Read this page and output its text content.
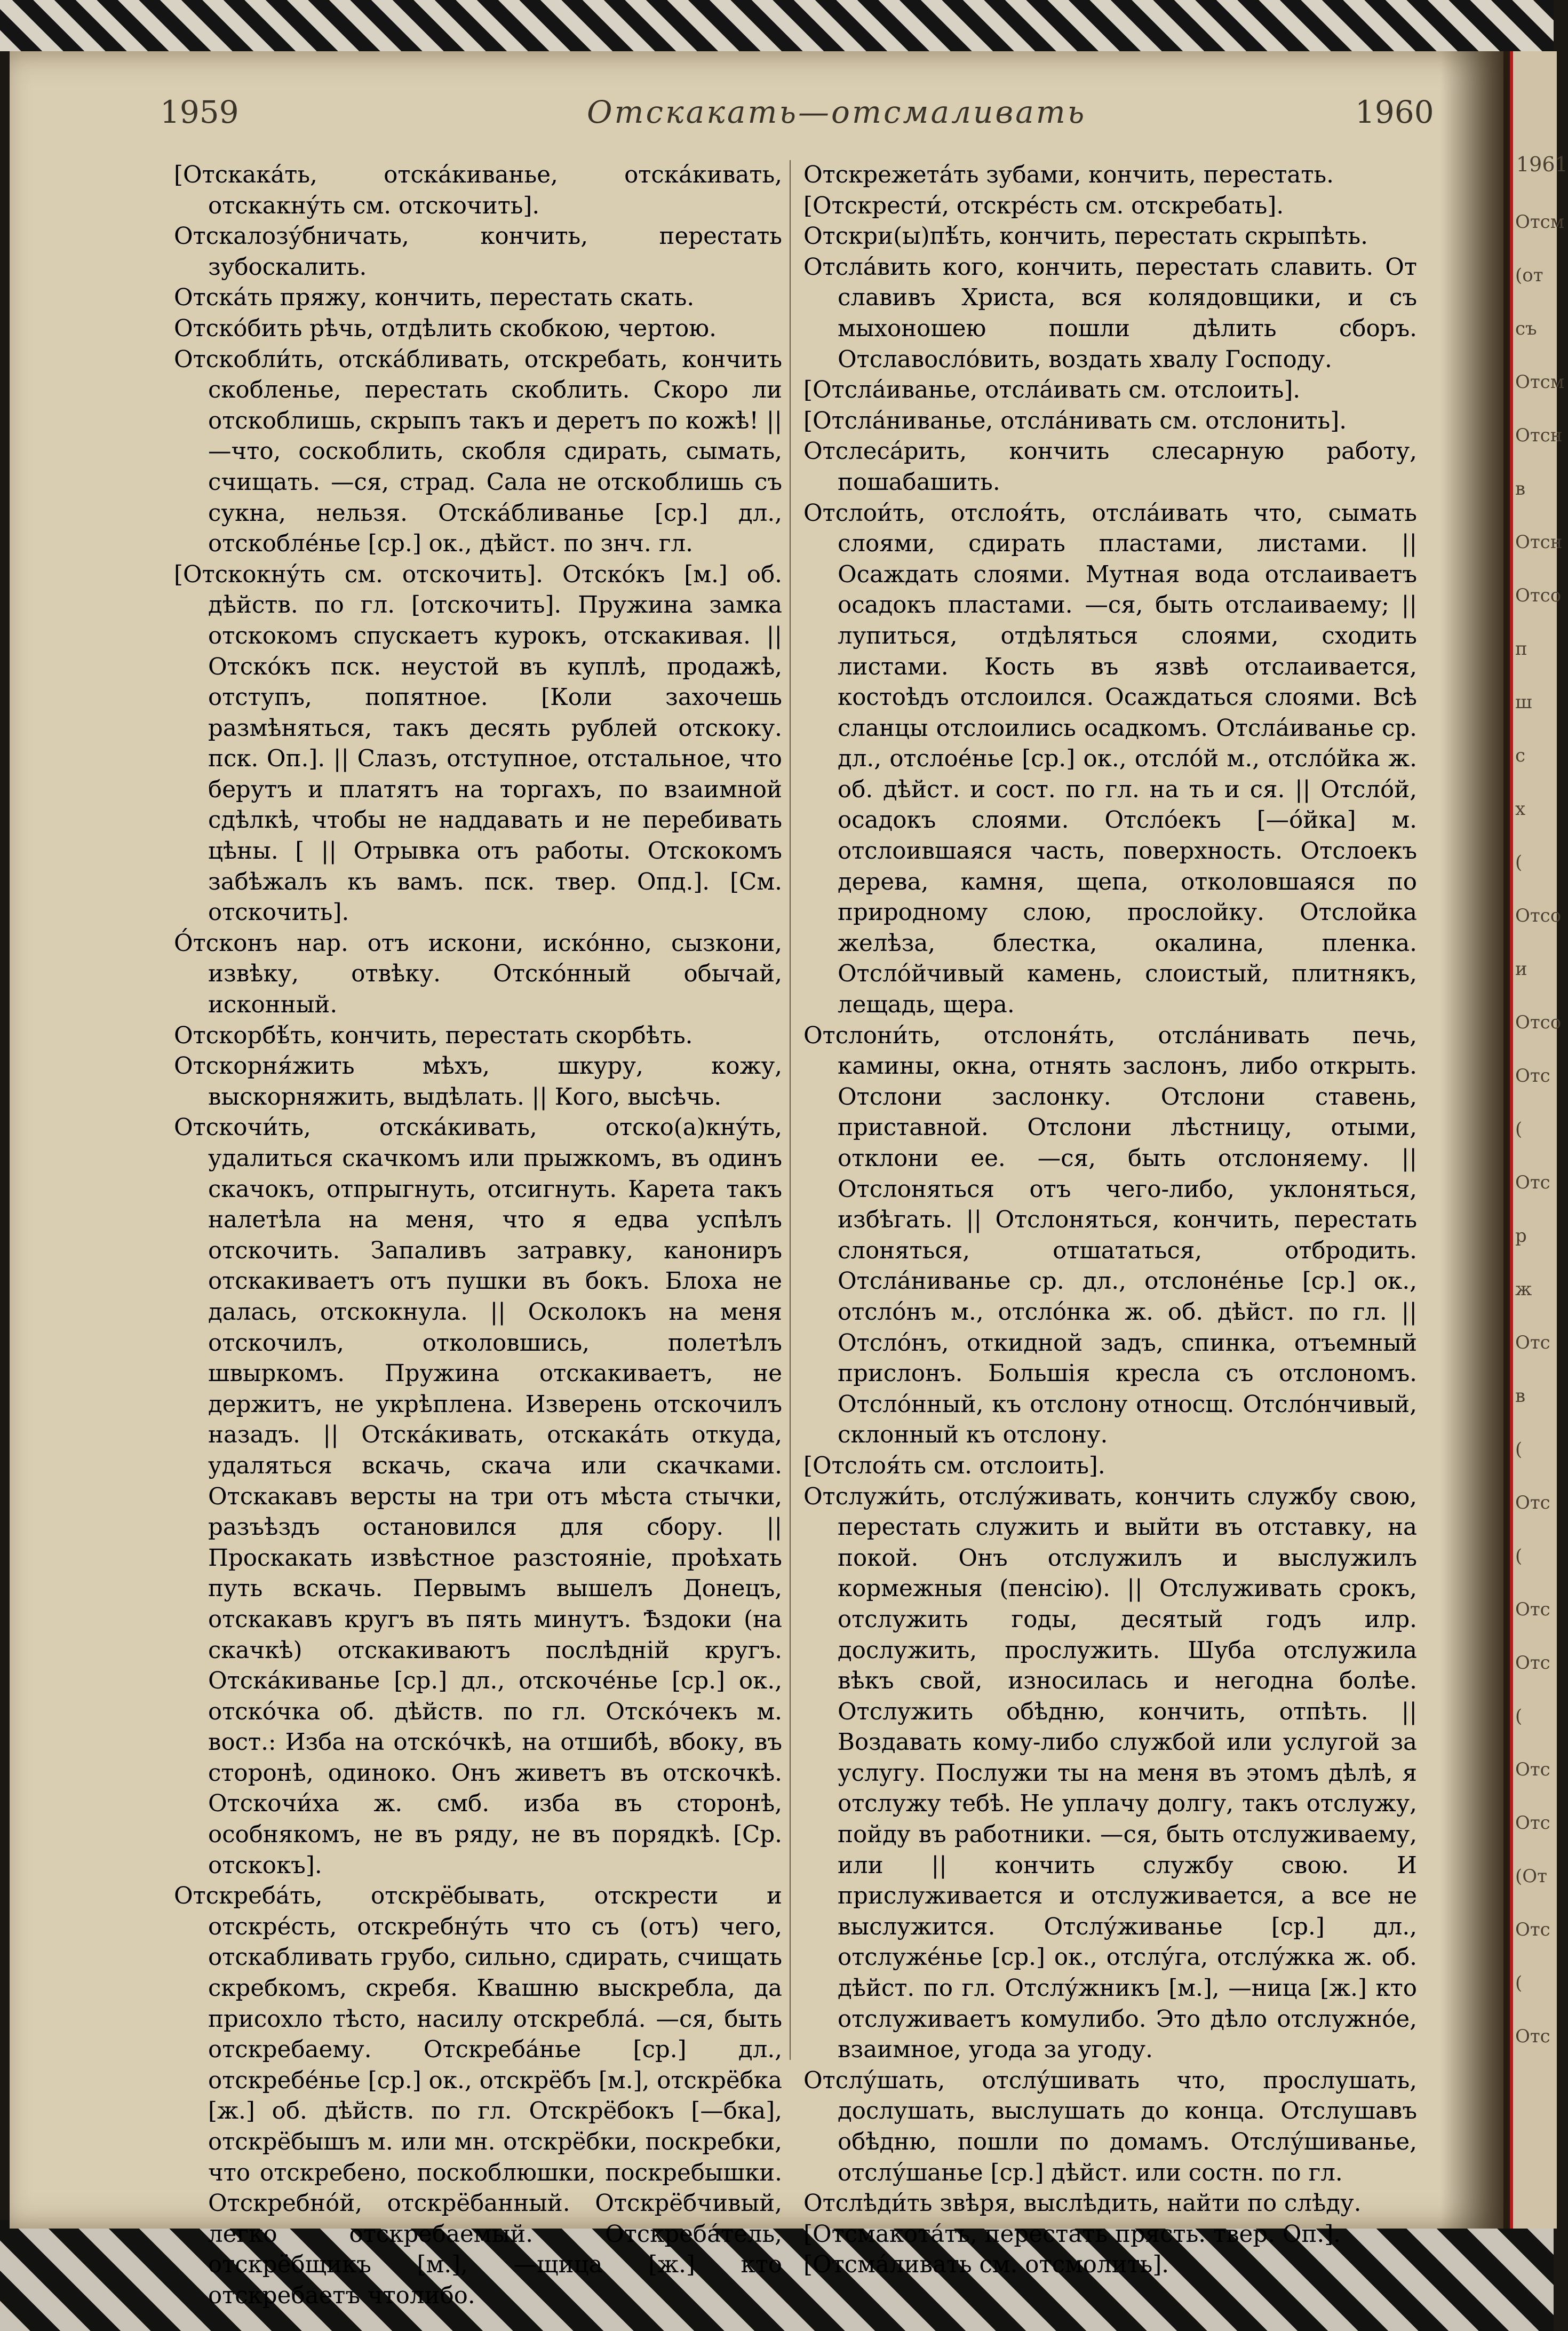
1959	Отскакать—отсмаливать	1960

[Отскака́ть, отска́киванье, отска́кивать, отскакну́ть см. отскочить].

Отскалозу́бничать, кончить, перестать зубоскалить.

Отска́ть пряжу, кончить, перестать скать.

Отско́бить рѣчь, отдѣлить скобкою, чертою.

Отскобли́ть, отска́бливать, отскребать, кончить скобленье, перестать скоблить. Скоро ли отскоблишь, скрыпъ такъ и деретъ по кожѣ! || —что, соскоблить, скобля сдирать, сымать, счищать. —ся, страд. Сала не отскоблишь съ сукна, нельзя. Отска́бливанье [ср.] дл., отскобле́нье [ср.] ок., дѣйст. по знч. гл.

[Отскокну́ть см. отскочить]. Отско́къ [м.] об. дѣйств. по гл. [отскочить]. Пружина замка отскокомъ спускаетъ курокъ, отскакивая. || Отско́къ пск. неустой въ куплѣ, продажѣ, отступъ, попятное. [Коли захочешь размѣняться, такъ десять рублей отскоку. пск. Оп.]. || Слазъ, отступное, отстальное, что берутъ и платятъ на торгахъ, по взаимной сдѣлкѣ, чтобы не наддавать и не перебивать цѣны. [ || Отрывка отъ работы. Отскокомъ забѣжалъ къ вамъ. пск. твер. Опд.]. [См. отскочить].

О́тсконъ нар. отъ искони, иско́нно, сызкони, извѣку, отвѣку. Отско́нный обычай, исконный.

Отскорбѣ́ть, кончить, перестать скорбѣть.

Отскорня́жить мѣхъ, шкуру, кожу, выскорняжить, выдѣлать. || Кого, высѣчь.

Отскочи́ть, отска́кивать, отско(а)кну́ть, удалиться скачкомъ или прыжкомъ, въ одинъ скачокъ, отпрыгнуть, отсигнуть. Карета такъ налетѣла на меня, что я едва успѣлъ отскочить. Запаливъ затравку, канониръ отскакиваетъ отъ пушки въ бокъ. Блоха не далась, отскокнула. || Осколокъ на меня отскочилъ, отколовшись, полетѣлъ швыркомъ. Пружина отскакиваетъ, не держитъ, не укрѣплена. Изверень отскочилъ назадъ. || Отска́кивать, отскака́ть откуда, удаляться вскачь, скача или скачками. Отскакавъ версты на три отъ мѣста стычки, разъѣздъ остановился для сбору. || Проскакать извѣстное разстояніе, проѣхать путь вскачь. Первымъ вышелъ Донецъ, отскакавъ кругъ въ пять минутъ. Ѣздоки (на скачкѣ) отскакиваютъ послѣдній кругъ. Отска́киванье [ср.] дл., отскоче́нье [ср.] ок., отско́чка об. дѣйств. по гл. Отско́чекъ м. вост.: Изба на отско́чкѣ, на отшибѣ, вбоку, въ сторонѣ, одиноко. Онъ живетъ въ отскочкѣ. Отскочи́ха ж. смб. изба въ сторонѣ, особнякомъ, не въ ряду, не въ порядкѣ. [Ср. отскокъ].

Отскреба́ть, отскрёбывать, отскрести и отскре́сть, отскребну́ть что съ (отъ) чего, отскабливать грубо, сильно, сдирать, счищать скребкомъ, скребя. Квашню выскребла, да присохло тѣсто, насилу отскребла́. —ся, быть отскребаему. Отскреба́нье [ср.] дл., отскребе́нье [ср.] ок., отскрёбъ [м.], отскрёбка [ж.] об. дѣйств. по гл. Отскрёбокъ [—бка], отскрёбышъ м. или мн. отскрёбки, поскребки, что отскребено, поскоблюшки, поскребышки. Отскребно́й, отскрёбанный. Отскрёбчивый, легко отскребаемый. Отскреба́тель, отскрёбщикъ [м.], —щица [ж.] кто отскребаетъ чтолибо.

Отскрежета́ть зубами, кончить, перестать.

[Отскрести́, отскре́сть см. отскребать].

Отскри(ы)пѣ́ть, кончить, перестать скрыпѣть.

Отсла́вить кого, кончить, перестать славить. От славивъ Христа, вся колядовщики, и съ мыхоношею пошли дѣлить сборъ. Отславосло́вить, воздать хвалу Господу.

[Отсла́иванье, отсла́ивать см. отслоить].

[Отсла́ниванье, отсла́нивать см. отслонить].

Отслеса́рить, кончить слесарную работу, пошабашить.

Отслои́ть, отслоя́ть, отсла́ивать что, сымать слоями, сдирать пластами, листами. || Осаждать слоями. Мутная вода отслаиваетъ осадокъ пластами. —ся, быть отслаиваему; || лупиться, отдѣляться слоями, сходить листами. Кость въ язвѣ отслаивается, костоѣдъ отслоился. Осаждаться слоями. Всѣ сланцы отслоились осадкомъ. Отсла́иванье ср. дл., отслое́нье [ср.] ок., отсло́й м., отсло́йка ж. об. дѣйст. и сост. по гл. на ть и ся. || Отсло́й, осадокъ слоями. Отсло́екъ [—о́йка] м. отслоившаяся часть, поверхность. Отслоекъ дерева, камня, щепа, отколовшаяся по природному слою, прослойку. Отслойка желѣза, блестка, окалина, пленка. Отсло́йчивый камень, слоистый, плитнякъ, лещадь, щера.

Отслони́ть, отслоня́ть, отсла́нивать печь, камины, окна, отнять заслонъ, либо открыть. Отслони заслонку. Отслони ставень, приставной. Отслони лѣстницу, отыми, отклони ее. —ся, быть отслоняему. || Отслоняться отъ чего-либо, уклоняться, избѣгать. || Отслоняться, кончить, перестать слоняться, отшататься, отбродить. Отсла́ниванье ср. дл., отслоне́нье [ср.] ок., отсло́нъ м., отсло́нка ж. об. дѣйст. по гл. || Отсло́нъ, откидной задъ, спинка, отъемный прислонъ. Большія кресла съ отслономъ. Отсло́нный, къ отслону относщ. Отсло́нчивый, склонный къ отслону.

[Отслоя́ть см. отслоить].

Отслужи́ть, отслу́живать, кончить службу свою, перестать служить и выйти въ отставку, на покой. Онъ отслужилъ и выслужилъ кормежныя (пенсію). || Отслуживать срокъ, отслужить годы, десятый годъ илр. дослужить, прослужить. Шуба отслужила вѣкъ свой, износилась и негодна болѣе. Отслужить обѣдню, кончить, отпѣть. || Воздавать кому-либо службой или услугой за услугу. Послужи ты на меня въ этомъ дѣлѣ, я отслужу тебѣ. Не уплачу долгу, такъ отслужу, пойду въ работники. —ся, быть отслуживаему, или || кончить службу свою. И прислуживается и отслуживается, а все не выслужится. Отслу́живанье [ср.] дл., отслуже́нье [ср.] ок., отслу́га, отслу́жка ж. об. дѣйст. по гл. Отслу́жникъ [м.], —ница [ж.] кто отслуживаетъ комулибо. Это дѣло отслужно́е, взаимное, угода за угоду.

Отслу́шать, отслу́шивать что, прослушать, дослушать, выслушать до конца. Отслушавъ обѣдню, пошли по домамъ. Отслу́шиванье, отслу́шанье [ср.] дѣйст. или состн. по гл.

Отслѣди́ть звѣря, выслѣдить, найти по слѣду.

[Отсмакота́ть, перестать прясть. твер. Оп.].

[Отсма́ливать см. отсмолить].

1961
Отсм
(от
съ
Отсм
Отсн
в
Отсн
Отсо
п
ш
с
х
(
Отсо
и
Отсо
Отс
(
Отс
р
ж
Отс
в
(
Отс
(
Отс
Отс
(
Отс
Отс
(От
Отс
(
Отс
